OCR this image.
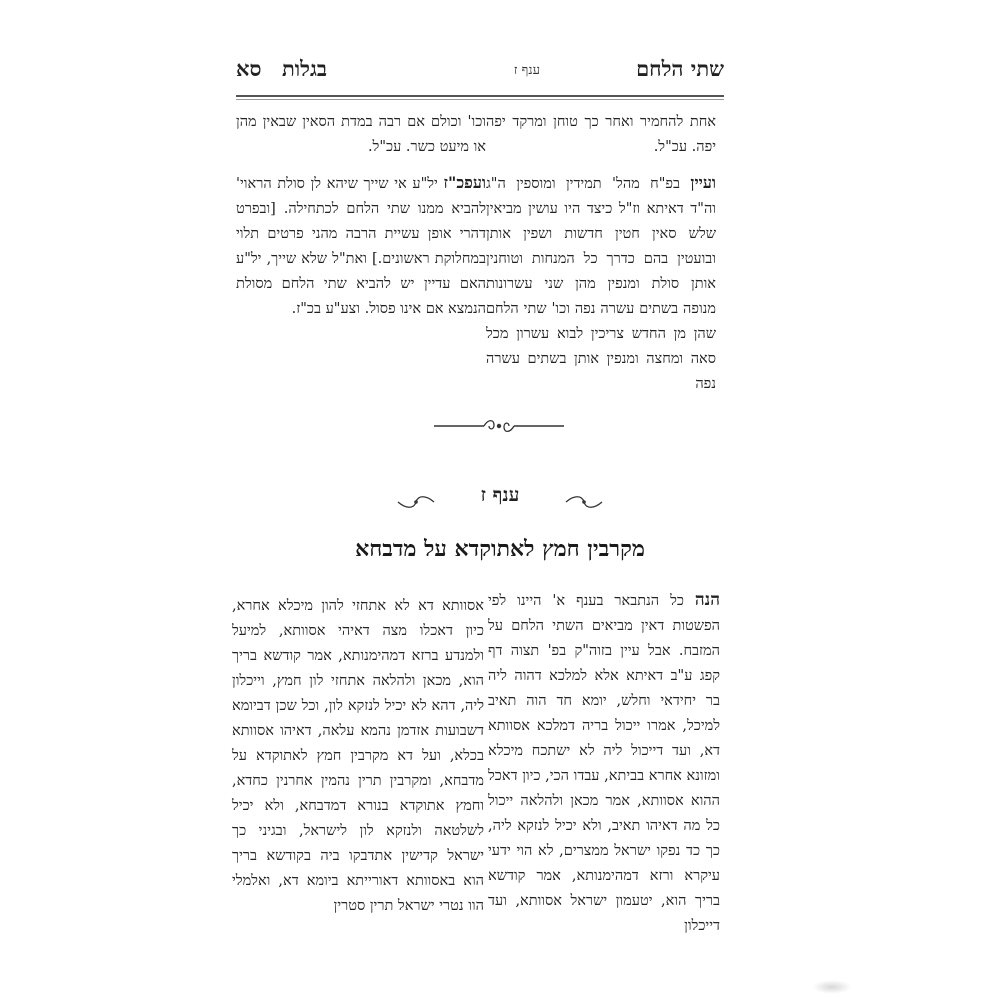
שתי הלחם
ענף ז
בגלות
סא

אחת להחמיר ואחר כך טוחן ומרקד יפה יפה. עכ"ל.

ועיין בפ"ח מהל' תמידין ומוספין ה"ג וה"ד דאיתא וז"ל כיצד היו עושין מביאין שלש סאין חטין חדשות ושפין אותן ובועטין בהם כדרך כל המנחות וטוחנין אותן סולת ומנפין מהן שני עשרונות מנופה בשתים עשרה נפה וכו' שתי הלחם שהן מן החדש צריכין לבוא עשרון מכל סאה ומחצה ומנפין אותן בשתים עשרה נפה

וכו' וכולם אם רבה במדת הסאין שבאין מהן או מיעט כשר. עכ"ל.

ועפכ"ז יל"ע אי שייך שיהא לן סולת הראוי' להביא ממנו שתי הלחם לכתחילה. [ובפרט דהרי אופן עשיית הרבה מהני פרטים תלוי במחלוקת ראשונים.] ואת"ל שלא שייך, יל"ע האם עדיין יש להביא שתי הלחם מסולת הנמצא אם אינו פסול. וצע"ע בכ"ז.

ענף ז
מקרבין חמץ לאתוקדא על מדבחא

הנה כל הנתבאר בענף א' היינו לפי הפשטות דאין מביאים השתי הלחם על המזבח. אבל עיין בזוה"ק בפ' תצוה דף קפג ע"ב דאיתא אלא למלכא דהוה ליה בר יחידאי וחלש, יומא חד הוה תאיב למיכל, אמרו ייכול בריה דמלכא אסוותא דא, ועד דייכול ליה לא ישתכח מיכלא ומזונא אחרא בביתא, עבדו הכי, כיון דאכל ההוא אסוותא, אמר מכאן ולהלאה ייכול כל מה דאיהו תאיב, ולא יכיל לנזקא ליה, כך כד נפקו ישראל ממצרים, לא הוי ידעי עיקרא ורזא דמהימנותא, אמר קודשא בריך הוא, יטעמון ישראל אסוותא, ועד דייכלון

אסוותא דא לא אתחזי להון מיכלא אחרא, כיון דאכלו מצה דאיהי אסוותא, למיעל ולמנדע ברזא דמהימנותא, אמר קודשא בריך הוא, מכאן ולהלאה אתחזי לון חמץ, וייכלון ליה, דהא לא יכיל לנזקא לון, וכל שכן דביומא דשבועות אזדמן נהמא עלאה, דאיהו אסוותא בכלא, ועל דא מקרבין חמץ לאתוקדא על מדבחא, ומקרבין תרין נהמין אחרנין כחדא, וחמץ אתוקדא בנורא דמדבחא, ולא יכיל לשלטאה ולנזקא לון לישראל, ובגיני כך ישראל קדישין אתדבקו ביה בקודשא בריך הוא באסוותא דאורייתא ביומא דא, ואלמלי הוו נטרי ישראל תרין סטרין
